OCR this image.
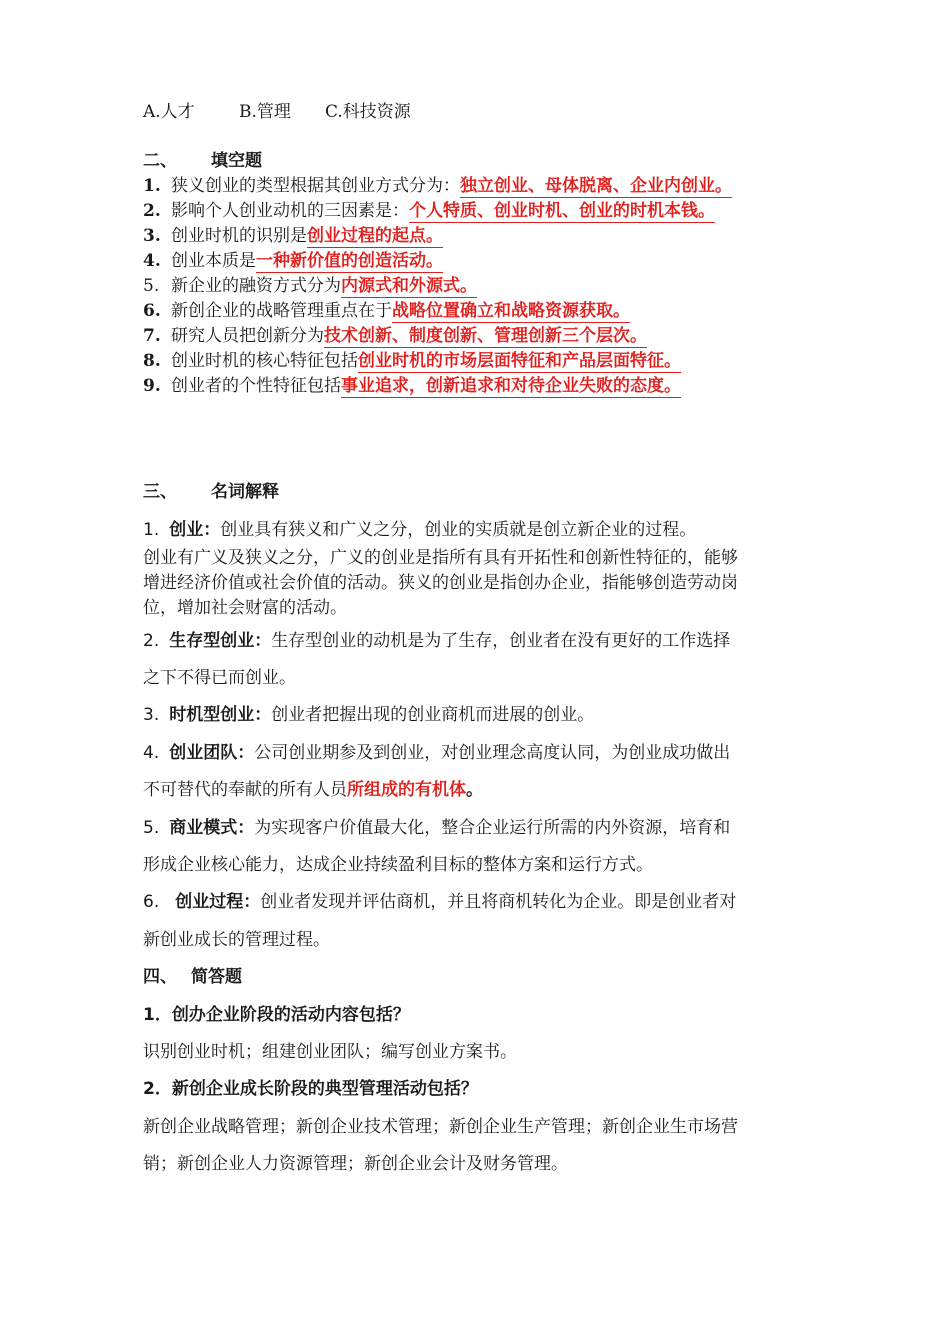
A.人才	B.管理 C.科技资源
二、 填空题
1. 狭义创业的类型根据其创业方式分为：独立创业、母体脱离、企业内创业。
2. 影响个人创业动机的三因素是：个人特质、创业时机、创业的时机本钱。
3. 创业时机的识别是创业过程的起点。
4. 创业本质是一种新价值的创造活动。
5. 新企业的融资方式分为内源式和外源式。
6. 新创企业的战略管理重点在于战略位置确立和战略资源获取。
7. 研究人员把创新分为技术创新、制度创新、管理创新三个层次。
8. 创业时机的核心特征包括创业时机的市场层面特征和产品层面特征。
9. 创业者的个性特征包括事业追求，创新追求和对待企业失败的态度。
三、 名词解释
1. 创业：创业具有狭义和广义之分，创业的实质就是创立新企业的过程。
创业有广义及狭义之分，广义的创业是指所有具有开拓性和创新性特征的，能够
增进经济价值或社会价值的活动。狭义的创业是指创办企业，指能够创造劳动岗
位，增加社会财富的活动。
2. 生存型创业：生存型创业的动机是为了生存，创业者在没有更好的工作选择
之下不得已而创业。
3. 时机型创业：创业者把握出现的创业商机而进展的创业。
4. 创业团队：公司创业期参及到创业，对创业理念高度认同，为创业成功做出
不可替代的奉献的所有人员所组成的有机体。
5. 商业模式：为实现客户价值最大化，整合企业运行所需的内外资源，培育和
形成企业核心能力，达成企业持续盈利目标的整体方案和运行方式。
6. 创业过程：创业者发现并评估商机，并且将商机转化为企业。即是创业者对
新创业成长的管理过程。
四、 简答题
1．创办企业阶段的活动内容包括？
识别创业时机；组建创业团队；编写创业方案书。
2．新创企业成长阶段的典型管理活动包括？
新创企业战略管理；新创企业技术管理；新创企业生产管理；新创企业生市场营
销；新创企业人力资源管理；新创企业会计及财务管理。
